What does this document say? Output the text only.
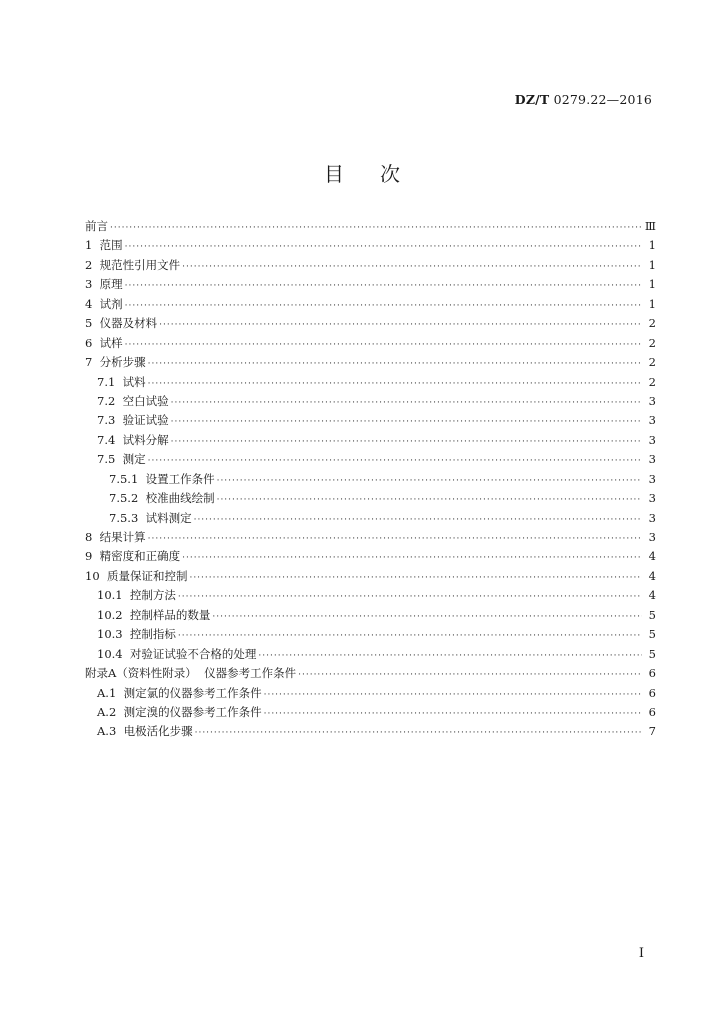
DZ/T 0279.22—2016
目次
前言 ·····	Ⅲ
1 范围 ·····	1
2 规范性引用文件 ·····	1
3 原理 ·····	1
4 试剂 ·····	1
5 仪器及材料 ·····	2
6 试样 ·····	2
7 分析步骤 ·····	2
7.1 试料 ·····	2
7.2 空白试验 ·····	3
7.3 验证试验 ·····	3
7.4 试料分解 ·····	3
7.5 测定 ·····	3
7.5.1 设置工作条件 ·····	3
7.5.2 校准曲线绘制 ·····	3
7.5.3 试料测定 ·····	3
8 结果计算 ·····	3
9 精密度和正确度 ·····	4
10 质量保证和控制 ·····	4
10.1 控制方法 ·····	4
10.2 控制样品的数量 ·····	5
10.3 控制指标 ·····	5
10.4 对验证试验不合格的处理 ·····	5
附录A（资料性附录）  仪器参考工作条件 ·····	6
A.1 测定氯的仪器参考工作条件 ·····	6
A.2 测定溴的仪器参考工作条件 ·····	6
A.3 电极活化步骤 ·····	7
I
